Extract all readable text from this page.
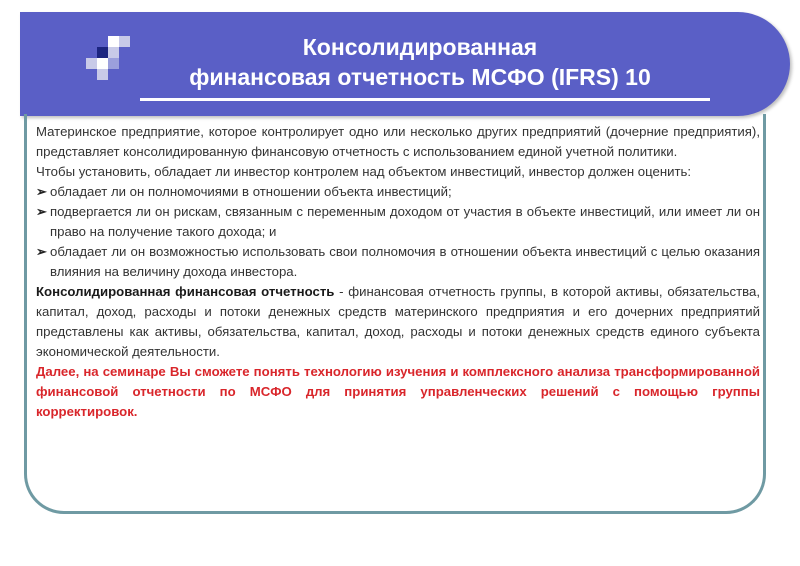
Консолидированная
финансовая отчетность МСФО (IFRS) 10

Материнское предприятие, которое контролирует одно или несколько других предприятий (дочерние предприятия), представляет консолидированную финансовую отчетность с использованием единой учетной политики.

Чтобы установить, обладает ли инвестор контролем над объектом инвестиций, инвестор должен оценить:

➢ обладает ли он полномочиями в отношении объекта инвестиций;
➢ подвергается ли он рискам, связанным с переменным доходом от участия в объекте инвестиций, или имеет ли он право на получение такого дохода; и
➢ обладает ли он возможностью использовать свои полномочия в отношении объекта инвестиций с целью оказания влияния на величину дохода инвестора.

Консолидированная финансовая отчетность - финансовая отчетность группы, в которой активы, обязательства, капитал, доход, расходы и потоки денежных средств материнского предприятия и его дочерних предприятий представлены как активы, обязательства, капитал, доход, расходы и потоки денежных средств единого субъекта экономической деятельности.

Далее, на семинаре Вы сможете понять технологию изучения и комплексного анализа трансформированной финансовой отчетности по МСФО для принятия управленческих решений с помощью группы корректировок.
